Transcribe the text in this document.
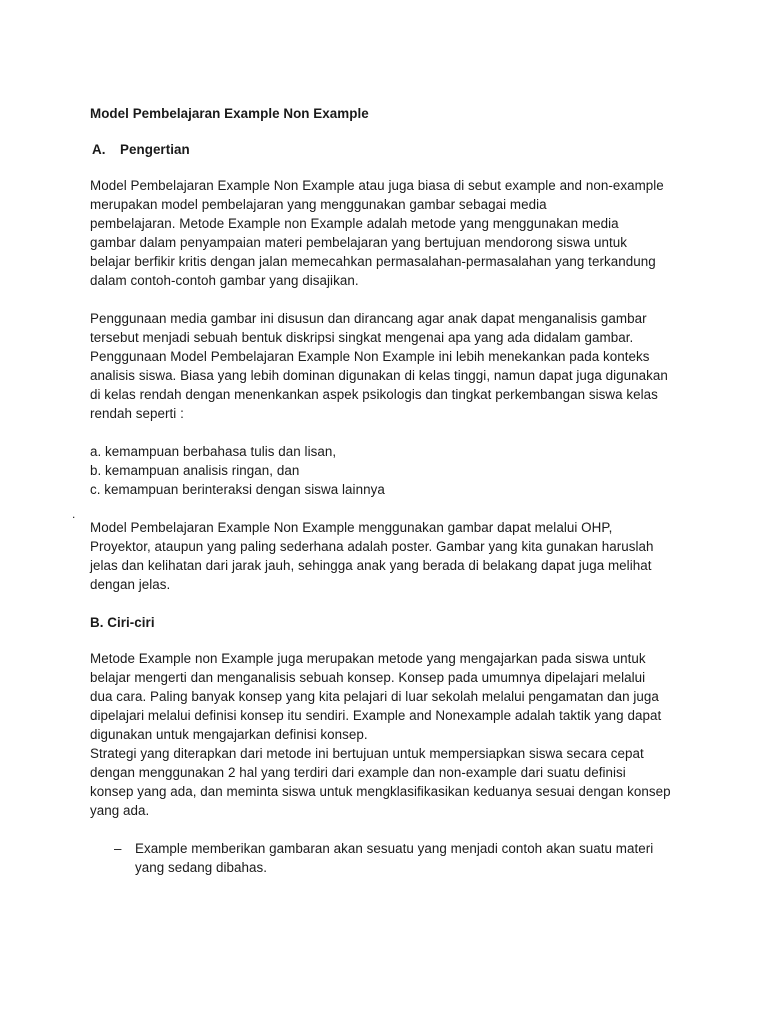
Model Pembelajaran Example Non Example
A.	Pengertian
Model Pembelajaran Example Non Example atau juga biasa di sebut example and non-example
merupakan model pembelajaran yang menggunakan gambar sebagai media
pembelajaran. Metode Example non Example adalah metode yang menggunakan media
gambar dalam penyampaian materi pembelajaran yang bertujuan mendorong siswa untuk
belajar berfikir kritis dengan jalan memecahkan permasalahan-permasalahan yang terkandung
dalam contoh-contoh gambar yang disajikan.
Penggunaan media gambar ini disusun dan dirancang agar anak dapat menganalisis gambar
tersebut menjadi sebuah bentuk diskripsi singkat mengenai apa yang ada didalam gambar.
Penggunaan Model Pembelajaran Example Non Example ini lebih menekankan pada konteks
analisis siswa. Biasa yang lebih dominan digunakan di kelas tinggi, namun dapat juga digunakan
di kelas rendah dengan menenkankan aspek psikologis dan tingkat perkembangan siswa kelas
rendah seperti :
a. kemampuan berbahasa tulis dan lisan,
b. kemampuan analisis ringan, dan
c. kemampuan berinteraksi dengan siswa lainnya
Model Pembelajaran Example Non Example menggunakan gambar dapat melalui OHP,
Proyektor, ataupun yang paling sederhana adalah poster. Gambar yang kita gunakan haruslah
jelas dan kelihatan dari jarak jauh, sehingga anak yang berada di belakang dapat juga melihat
dengan jelas.
B. Ciri-ciri
Metode Example non Example juga merupakan metode yang mengajarkan pada siswa untuk
belajar mengerti dan menganalisis sebuah konsep. Konsep pada umumnya dipelajari melalui
dua cara. Paling banyak konsep yang kita pelajari di luar sekolah melalui pengamatan dan juga
dipelajari melalui definisi konsep itu sendiri. Example and Nonexample adalah taktik yang dapat
digunakan untuk mengajarkan definisi konsep.
Strategi yang diterapkan dari metode ini bertujuan untuk mempersiapkan siswa secara cepat
dengan menggunakan 2 hal yang terdiri dari example dan non-example dari suatu definisi
konsep yang ada, dan meminta siswa untuk mengklasifikasikan keduanya sesuai dengan konsep
yang ada.
–	Example memberikan gambaran akan sesuatu yang menjadi contoh akan suatu materi
yang sedang dibahas.
.
